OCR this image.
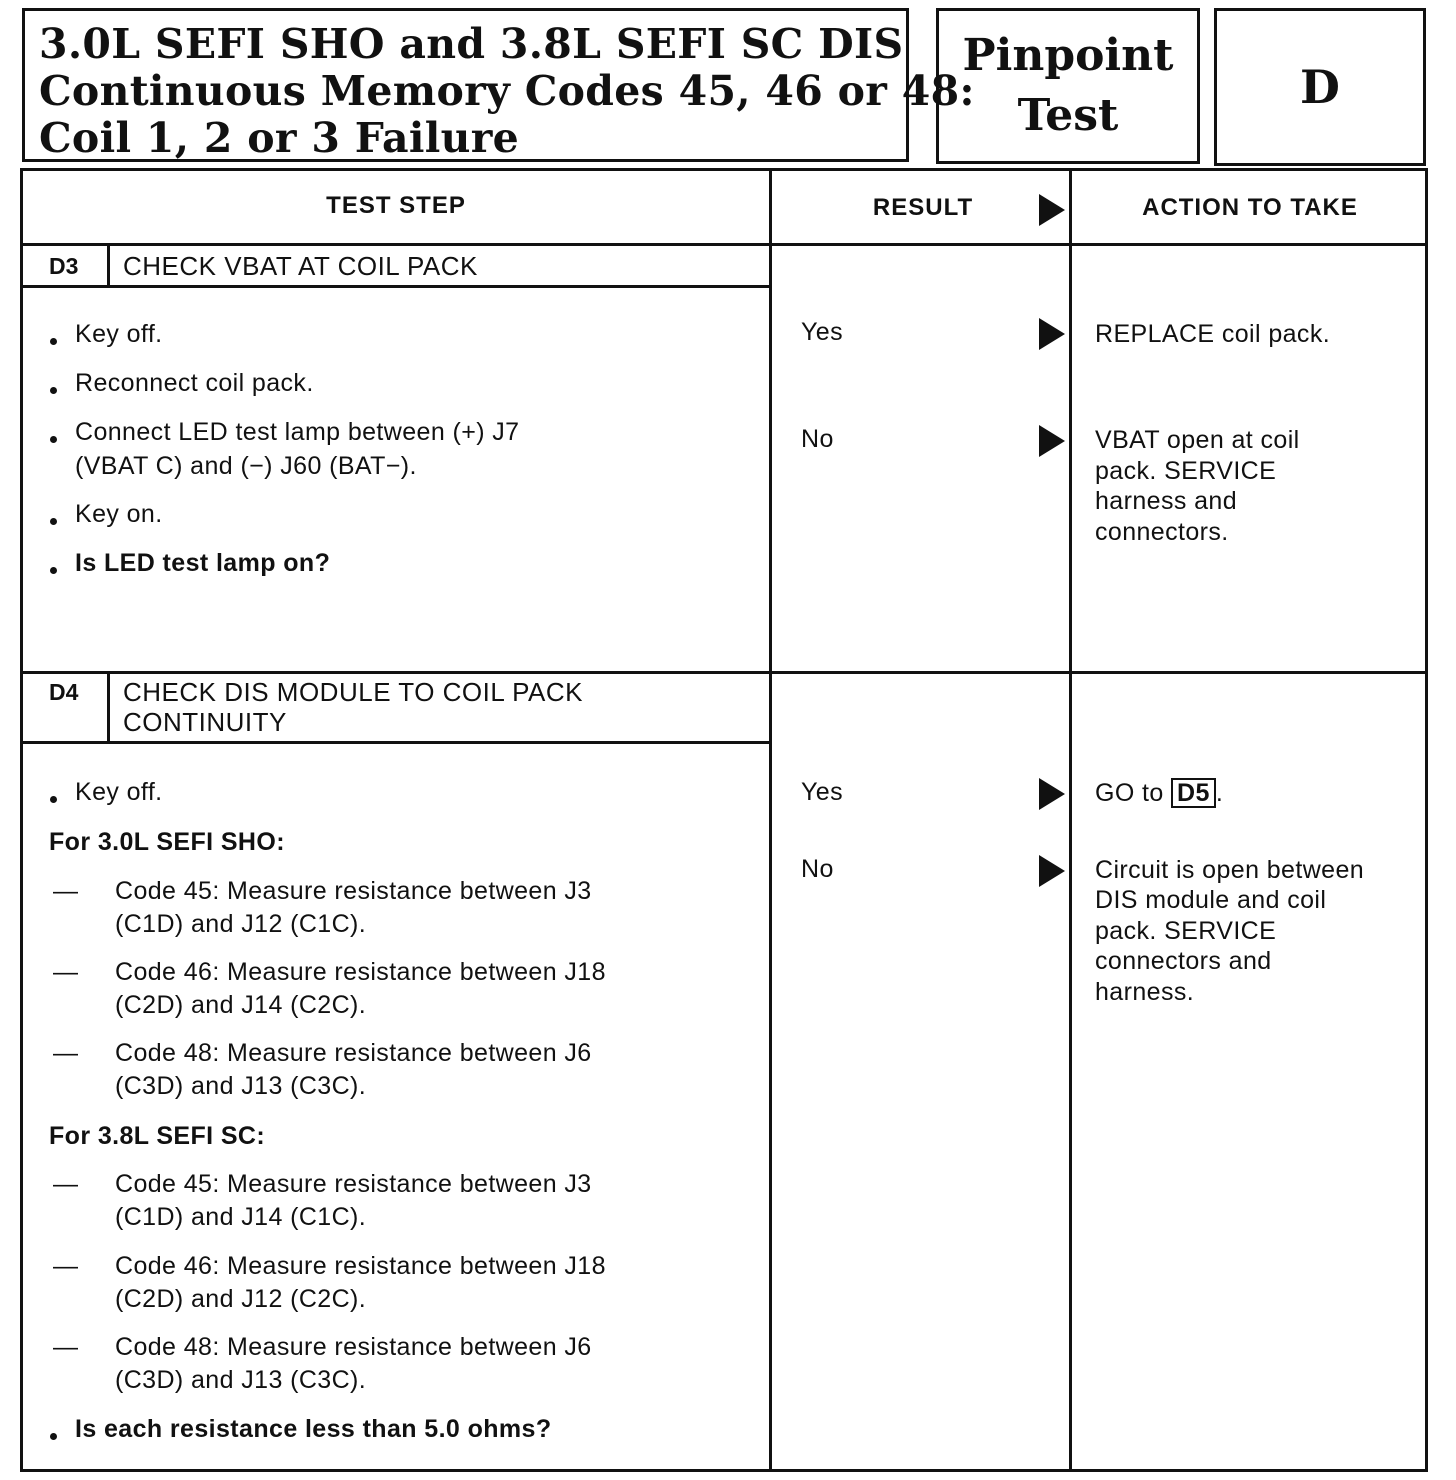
3.0L SEFI SHO and 3.8L SEFI SC DIS
Continuous Memory Codes 45, 46 or 48:
Coil 1, 2 or 3 Failure
Pinpoint
Test
D
TEST STEP	RESULT	ACTION TO TAKE
D3 CHECK VBAT AT COIL PACK
Key off.
Reconnect coil pack.
Connect LED test lamp between (+) J7
(VBAT C) and (−) J60 (BAT−).
Key on.
Is LED test lamp on?
Yes	REPLACE coil pack.
No	VBAT open at coil
pack. SERVICE
harness and
connectors.
D4 CHECK DIS MODULE TO COIL PACK
CONTINUITY
Key off.
For 3.0L SEFI SHO:
— Code 45: Measure resistance between J3
(C1D) and J12 (C1C).
— Code 46: Measure resistance between J18
(C2D) and J14 (C2C).
— Code 48: Measure resistance between J6
(C3D) and J13 (C3C).
For 3.8L SEFI SC:
— Code 45: Measure resistance between J3
(C1D) and J14 (C1C).
— Code 46: Measure resistance between J18
(C2D) and J12 (C2C).
— Code 48: Measure resistance between J6
(C3D) and J13 (C3C).
Is each resistance less than 5.0 ohms?
Yes	GO to D5 .
No	Circuit is open between
DIS module and coil
pack. SERVICE
connectors and
harness.
